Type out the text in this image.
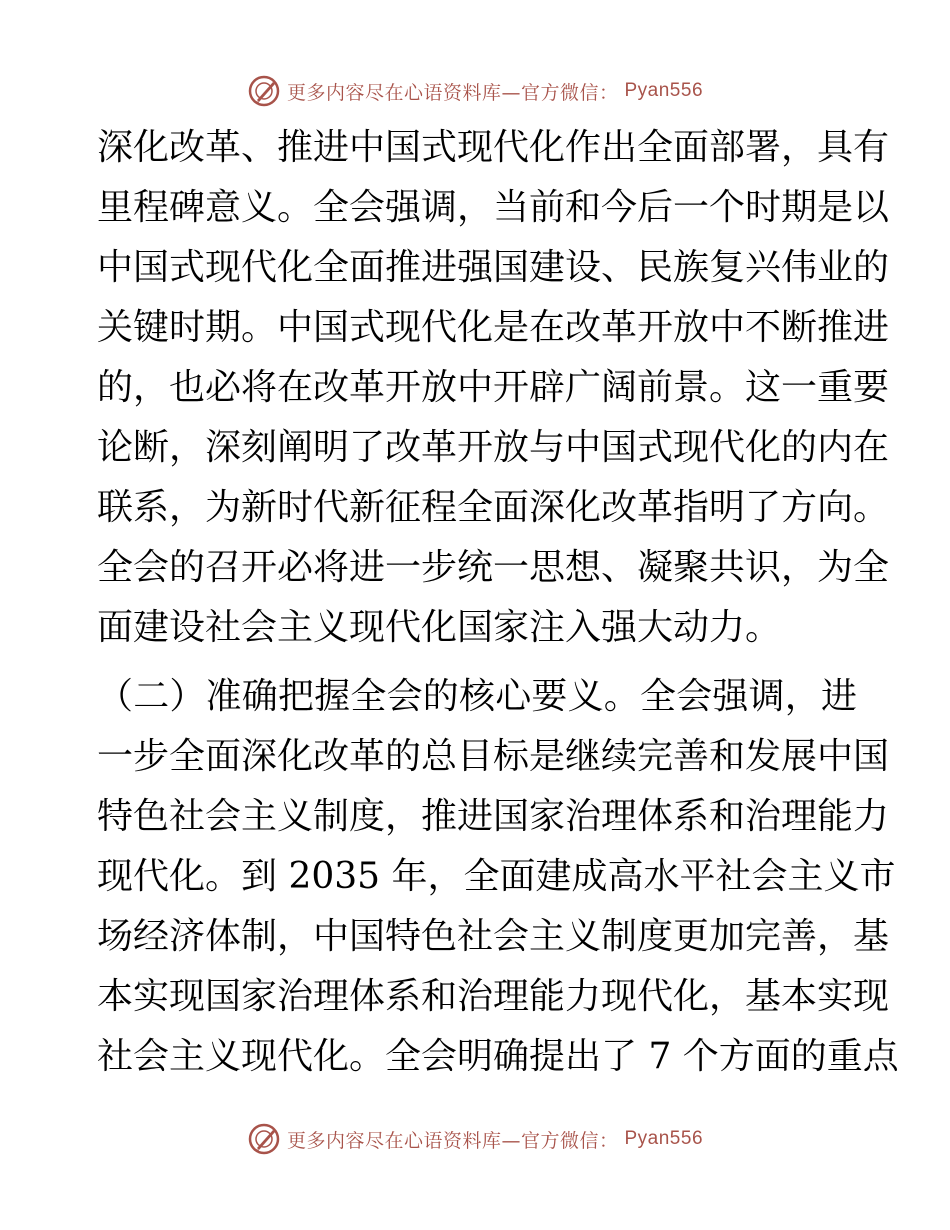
更多内容尽在心语资料库—官方微信： Pyan556
深化改革、推进中国式现代化作出全面部署，具有
里程碑意义。全会强调，当前和今后一个时期是以
中国式现代化全面推进强国建设、民族复兴伟业的
关键时期。中国式现代化是在改革开放中不断推进
的，也必将在改革开放中开辟广阔前景。这一重要
论断，深刻阐明了改革开放与中国式现代化的内在
联系，为新时代新征程全面深化改革指明了方向。
全会的召开必将进一步统一思想、凝聚共识，为全
面建设社会主义现代化国家注入强大动力。
（二）准确把握全会的核心要义。全会强调，进
一步全面深化改革的总目标是继续完善和发展中国
特色社会主义制度，推进国家治理体系和治理能力
现代化。到 2035 年，全面建成高水平社会主义市
场经济体制，中国特色社会主义制度更加完善，基
本实现国家治理体系和治理能力现代化，基本实现
社会主义现代化。全会明确提出了 7 个方面的重点
更多内容尽在心语资料库—官方微信： Pyan556
